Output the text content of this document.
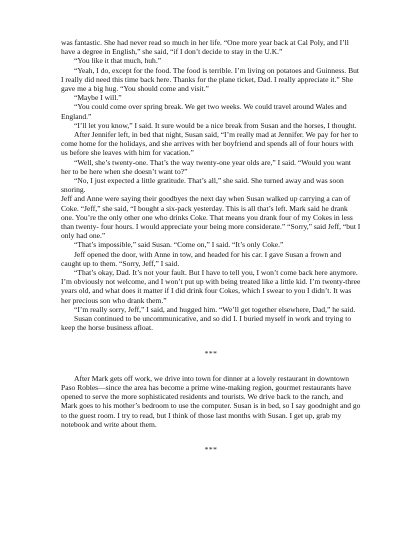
was fantastic. She had never read so much in her life. “One more year back at Cal Poly, and I’ll have a degree in English,” she said, “if I don’t decide to stay in the U.K.”

“You like it that much, huh.”

“Yeah, I do, except for the food. The food is terrible. I’m living on potatoes and Guinness. But I really did need this time back here. Thanks for the plane ticket, Dad. I really appreciate it.” She gave me a big hug. “You should come and visit.”

“Maybe I will.”

“You could come over spring break. We get two weeks. We could travel around Wales and England.”

“I’ll let you know,” I said. It sure would be a nice break from Susan and the horses, I thought.

After Jennifer left, in bed that night, Susan said, “I’m really mad at Jennifer. We pay for her to come home for the holidays, and she arrives with her boyfriend and spends all of four hours with us before she leaves with him for vacation.”

“Well, she’s twenty-one. That’s the way twenty-one year olds are,” I said. “Would you want her to be here when she doesn’t want to?”

“No, I just expected a little gratitude. That’s all,” she said. She turned away and was soon snoring.

Jeff and Anne were saying their goodbyes the next day when Susan walked up carrying a can of Coke. “Jeff,” she said, “I bought a six-pack yesterday. This is all that’s left. Mark said he drank one. You’re the only other one who drinks Coke. That means you drank four of my Cokes in less than twenty- four hours. I would appreciate your being more considerate.” “Sorry,” said Jeff, “but I only had one.”

“That’s impossible,” said Susan. “Come on,” I said. “It’s only Coke.”

Jeff opened the door, with Anne in tow, and headed for his car. I gave Susan a frown and caught up to them. “Sorry, Jeff,” I said.

“That’s okay, Dad. It’s not your fault. But I have to tell you, I won’t come back here anymore. I’m obviously not welcome, and I won’t put up with being treated like a little kid. I’m twenty-three years old, and what does it matter if I did drink four Cokes, which I swear to you I didn’t. It was her precious son who drank them.”

“I’m really sorry, Jeff,” I said, and hugged him. “We’ll get together elsewhere, Dad,” he said.

Susan continued to be uncommunicative, and so did I. I buried myself in work and trying to keep the horse business afloat.

***

After Mark gets off work, we drive into town for dinner at a lovely restaurant in downtown Paso Robles—since the area has become a prime wine-making region, gourmet restaurants have opened to serve the more sophisticated residents and tourists. We drive back to the ranch, and Mark goes to his mother’s bedroom to use the computer. Susan is in bed, so I say goodnight and go to the guest room. I try to read, but I think of those last months with Susan. I get up, grab my notebook and write about them.

***
